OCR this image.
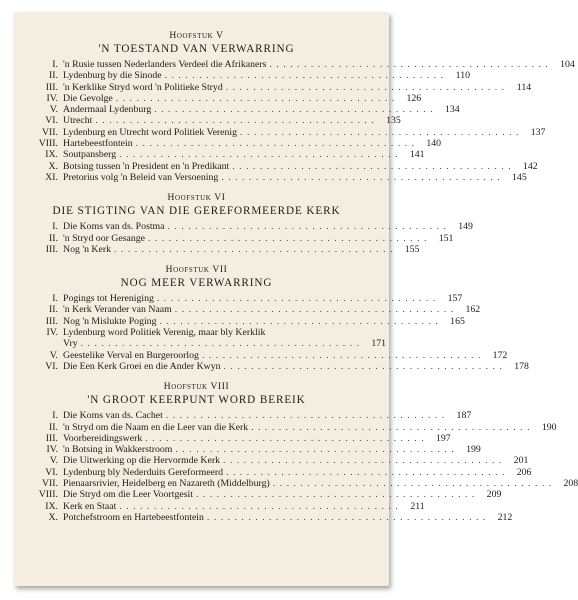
Hoofstuk V
'N TOESTAND VAN VERWARRING
I. 'n Rusie tussen Nederlanders Verdeel die Afrikaners . . .	104
II. Lydenburg by die Sinode . . .	110
III. 'n Kerklike Stryd word 'n Politieke Stryd . . .	114
IV. Die Gevolge . . .	126
V. Andermaal Lydenburg . . .	134
VI. Utrecht . . .	135
VII. Lydenburg en Utrecht word Politiek Verenig . . .	137
VIII. Hartebeestfontein . . .	140
IX. Soutpansberg . . .	141
X. Botsing tussen 'n President en 'n Predikant . . .	142
XI. Pretorius volg 'n Beleid van Versoening . . .	145
Hoofstuk VI
DIE STIGTING VAN DIE GEREFORMEERDE KERK
I. Die Koms van ds. Postma . . .	149
II. 'n Stryd oor Gesange . . .	151
III. Nog 'n Kerk . . .	155
Hoofstuk VII
NOG MEER VERWARRING
I. Pogings tot Hereniging . . .	157
II. 'n Kerk Verander van Naam . . .	162
III. Nog 'n Mislukte Poging . . .	165
IV. Lydenburg word Politiek Verenig, maar bly Kerklik
Vry . . .	171
V. Geestelike Verval en Burgeroorlog . . .	172
VI. Die Een Kerk Groei en die Ander Kwyn . . .	178
Hoofstuk VIII
'N GROOT KEERPUNT WORD BEREIK
I. Die Koms van ds. Cachet . . .	187
II. 'n Stryd om die Naam en die Leer van die Kerk . . .	190
III. Voorbereidingswerk . . .	197
IV. 'n Botsing in Wakkerstroom . . .	199
V. Die Uitwerking op die Hervormde Kerk . . .	201
VI. Lydenburg bly Nederduits Gereformeerd . . .	206
VII. Pienaarsrivier, Heidelberg en Nazareth (Middelburg) . . .	208
VIII. Die Stryd om die Leer Voortgesit . . .	209
IX. Kerk en Staat . . .	211
X. Potchefstroom en Hartebeestfontein . . .	212
